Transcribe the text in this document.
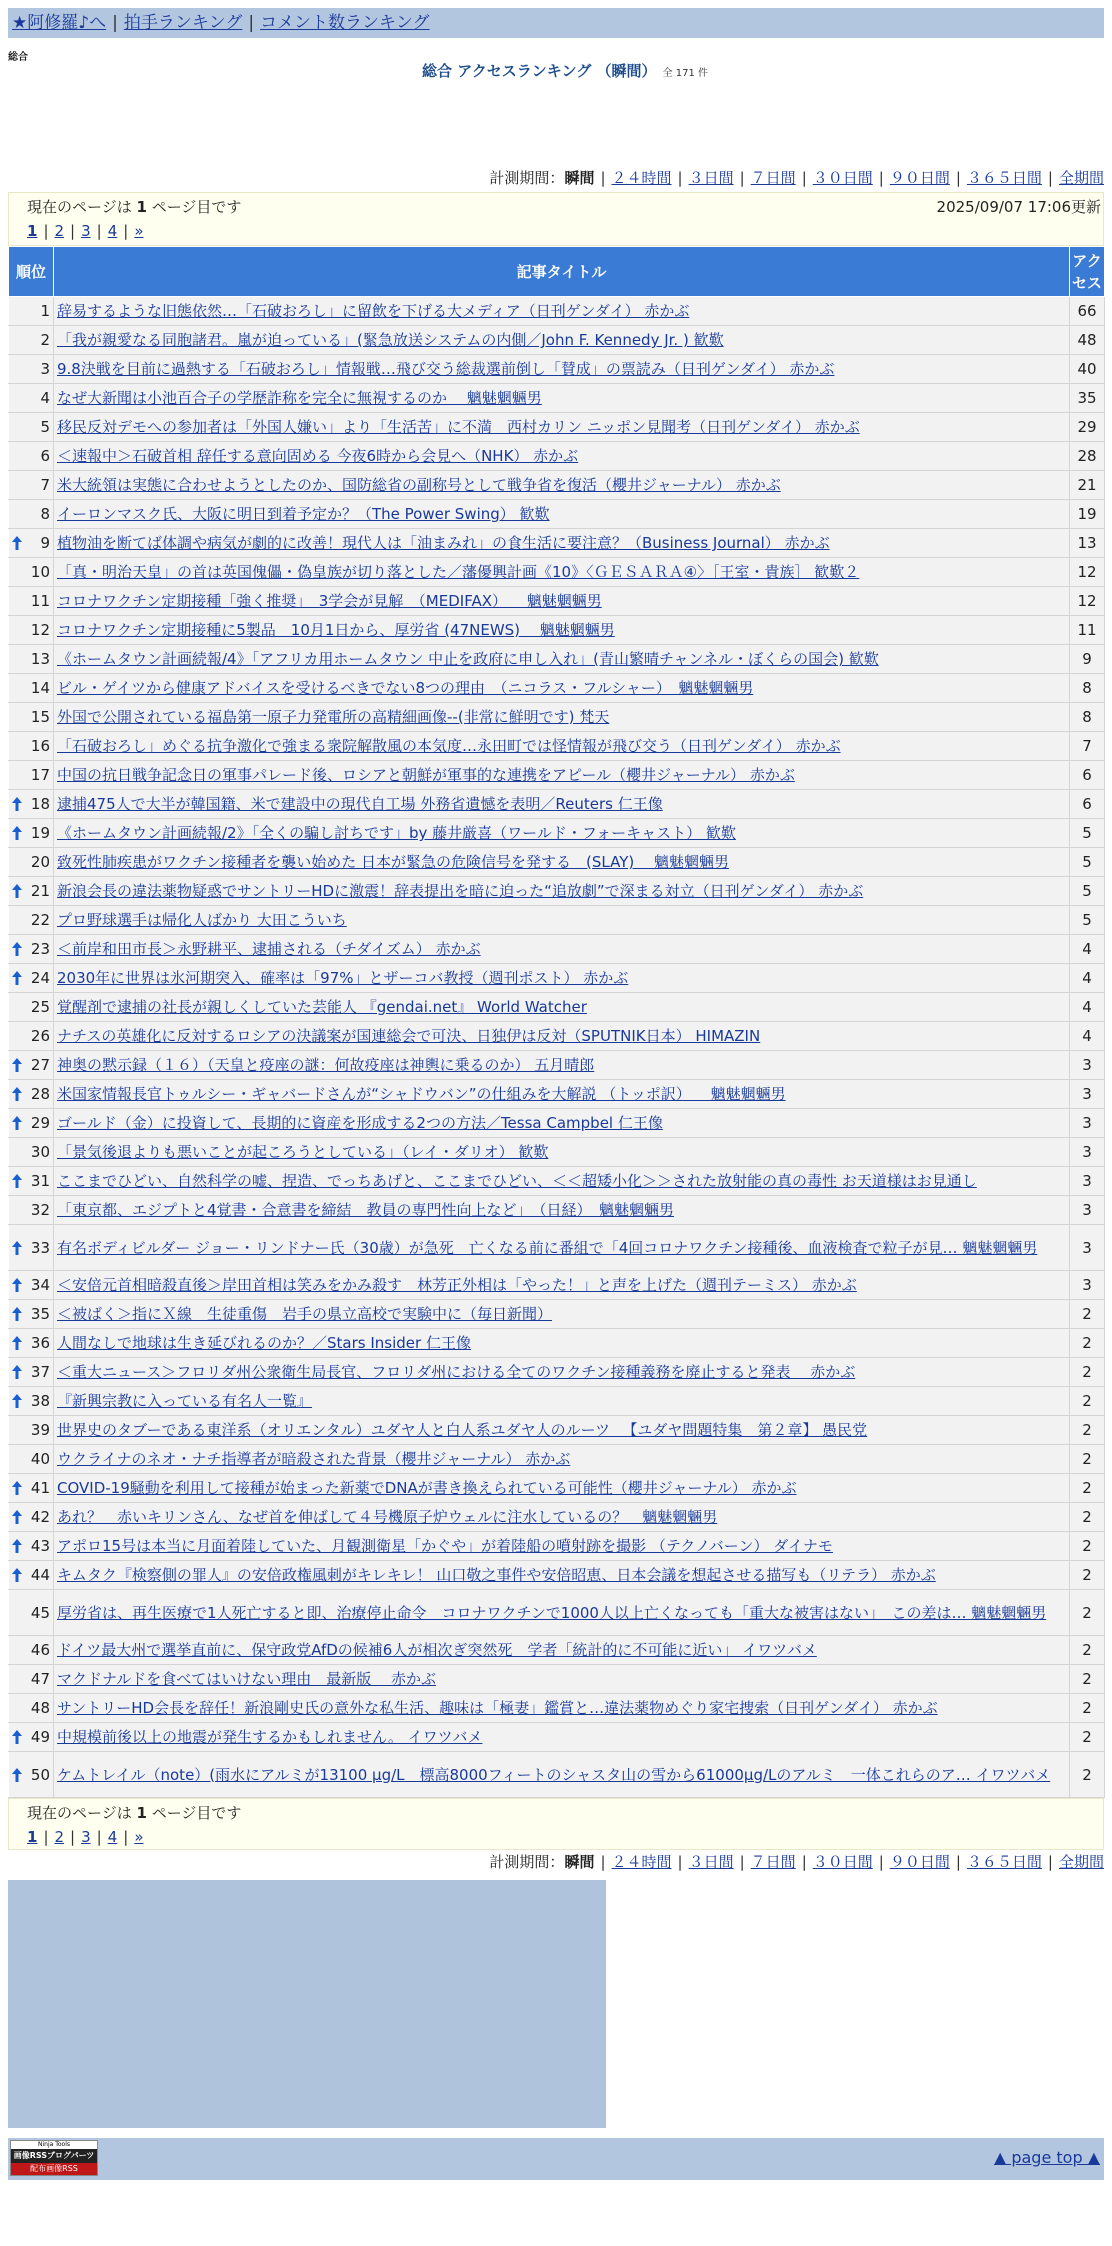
★阿修羅♪へ | 拍手ランキング | コメント数ランキング
総合
総合 アクセスランキング （瞬間） 全 171 件
計測期間：瞬間 | ２４時間 | ３日間 | ７日間 | ３０日間 | ９０日間 | ３６５日間 | 全期間
現在のページは 1 ページ目です	2025/09/07 17:06更新
1 | 2 | 3 | 4 | »
順位	記事タイトル	アクセス
1	辞易するような旧態依然…「石破おろし」に留飲を下げる大メディア（日刊ゲンダイ） 赤かぶ	66
2	「我が親愛なる同胞諸君。嵐が迫っている」(緊急放送システムの内側／John F. Kennedy Jr. ) 歓歎	48
3	9.8決戦を目前に過熱する「石破おろし」情報戦…飛び交う総裁選前倒し「賛成」の票読み（日刊ゲンダイ） 赤かぶ	40
4	なぜ大新聞は小池百合子の学歴詐称を完全に無視するのか 　魑魅魍魎男	35
5	移民反対デモへの参加者は「外国人嫌い」より「生活苦」に不満　西村カリン ニッポン見聞考（日刊ゲンダイ） 赤かぶ	29
6	＜速報中＞石破首相 辞任する意向固める 今夜6時から会見へ（NHK） 赤かぶ	28
7	米大統領は実態に合わせようとしたのか、国防総省の副称号として戦争省を復活（櫻井ジャーナル） 赤かぶ	21
8	イーロンマスク氏、大阪に明日到着予定か？（The Power Swing） 歓歎	19

9	植物油を断てば体調や病気が劇的に改善！現代人は「油まみれ」の食生活に要注意？（Business Journal） 赤かぶ	13
10	「真・明治天皇」の首は英国傀儡・偽皇族が切り落とした／藩優興計画《10》〈ＧＥＳＡＲＡ④〉［王室・貴族］ 歓歎２	12
11	コロナワクチン定期接種「強く推奨」　3学会が見解　（MEDIFAX） 　魑魅魍魎男	12
12	コロナワクチン定期接種に5製品　10月1日から、厚労省 (47NEWS) 　魑魅魍魎男	11
13	《ホームタウン計画続報/4》「アフリカ用ホームタウン 中止を政府に申し入れ」(青山繁晴チャンネル・ぼくらの国会) 歓歎	9
14	ビル・ゲイツから健康アドバイスを受けるべきでない8つの理由　（ニコラス・フルシャー）　魑魅魍魎男	8
15	外国で公開されている福島第一原子力発電所の高精細画像--(非常に鮮明です) 梵天	8
16	「石破おろし」めぐる抗争激化で強まる衆院解散風の本気度…永田町では怪情報が飛び交う（日刊ゲンダイ） 赤かぶ	7
17	中国の抗日戦争記念日の軍事パレード後、ロシアと朝鮮が軍事的な連携をアピール（櫻井ジャーナル） 赤かぶ	6

18	逮捕475人で大半が韓国籍、米で建設中の現代自工場 外務省遺憾を表明／Reuters 仁王像	6

19	《ホームタウン計画続報/2》「全くの騙し討ちです」by 藤井厳喜（ワールド・フォーキャスト） 歓歎	5
20	致死性肺疾患がワクチン接種者を襲い始めた 日本が緊急の危険信号を発する　(SLAY) 　魑魅魍魎男	5

21	新浪会長の違法薬物疑惑でサントリーHDに激震！辞表提出を暗に迫った“追放劇”で深まる対立（日刊ゲンダイ） 赤かぶ	5
22	プロ野球選手は帰化人ばかり 大田こういち	5

23	＜前岸和田市長＞永野耕平、逮捕される（チダイズム） 赤かぶ	4

24	2030年に世界は氷河期突入、確率は「97%」とザーコバ教授（週刊ポスト） 赤かぶ	4
25	覚醒剤で逮捕の社長が親しくしていた芸能人 『gendai.net』 World Watcher	4
26	ナチスの英雄化に反対するロシアの決議案が国連総会で可決、日独伊は反対（SPUTNIK日本） HIMAZIN	4

27	神奥の黙示録（１６）（天皇と疫座の謎：何故疫座は神輿に乗るのか） 五月晴郎	3

28	米国家情報長官トゥルシー・ギャバードさんが“シャドウバン”の仕組みを大解説 （トッポ訳） 　魑魅魍魎男	3

29	ゴールド（金）に投資して、長期的に資産を形成する2つの方法／Tessa Campbel 仁王像	3
30	「景気後退よりも悪いことが起ころうとしている」（レイ・ダリオ） 歓歎	3

31	ここまでひどい、自然科学の嘘、捏造、でっちあげと、ここまでひどい、＜＜超矮小化＞＞された放射能の真の毒性 お天道様はお見通し	3
32	「東京都、エジプトと4覚書・合意書を締結　教員の専門性向上など」　（日経）　魑魅魍魎男	3

33	有名ボディビルダー ジョー・リンドナー氏（30歳）が急死　亡くなる前に番組で「4回コロナワクチン接種後、血液検査で粒子が見… 魑魅魍魎男	3

34	＜安倍元首相暗殺直後＞岸田首相は笑みをかみ殺す　林芳正外相は「やった！」と声を上げた（週刊テーミス） 赤かぶ	3

35	＜被ばく＞指にＸ線　生徒重傷　岩手の県立高校で実験中に（毎日新聞）	2

36	人間なしで地球は生き延びれるのか？／Stars Insider 仁王像	2

37	＜重大ニュース＞フロリダ州公衆衛生局長官、フロリダ州における全てのワクチン接種義務を廃止すると発表 　赤かぶ	2

38	『新興宗教に入っている有名人一覧』	2
39	世界史のタブーである東洋系（オリエンタル）ユダヤ人と白人系ユダヤ人のルーツ 　【ユダヤ問題特集　第２章】 愚民党	2
40	ウクライナのネオ・ナチ指導者が暗殺された背景（櫻井ジャーナル） 赤かぶ	2

41	COVID-19騒動を利用して接種が始まった新薬でDNAが書き換えられている可能性（櫻井ジャーナル） 赤かぶ	2

42	あれ？　赤いキリンさん、なぜ首を伸ばして４号機原子炉ウェルに注水しているの？　魑魅魍魎男	2

43	アポロ15号は本当に月面着陸していた、月観測衛星「かぐや」が着陸船の噴射跡を撮影 （テクノバーン） ダイナモ	2

44	キムタク『検察側の罪人』の安倍政権風刺がキレキレ！ 山口敬之事件や安倍昭恵、日本会議を想起させる描写も（リテラ） 赤かぶ	2
45	厚労省は、再生医療で1人死亡すると即、治療停止命令　コロナワクチンで1000人以上亡くなっても「重大な被害はない」　この差は… 魑魅魍魎男	2
46	ドイツ最大州で選挙直前に、保守政党AfDの候補6人が相次ぎ突然死　学者「統計的に不可能に近い」 イワツバメ	2
47	マクドナルドを食べてはいけない理由　最新版　 赤かぶ	2
48	サントリーHD会長を辞任！新浪剛史氏の意外な私生活、趣味は「極妻」鑑賞と…違法薬物めぐり家宅捜索（日刊ゲンダイ） 赤かぶ	2

49	中規模前後以上の地震が発生するかもしれません。 イワツバメ	2

50	ケムトレイル（note）(雨水にアルミが13100 μg/L　標高8000フィートのシャスタ山の雪から61000μg/Lのアルミ　一体これらのア… イワツバメ	2
現在のページは 1 ページ目です
1 | 2 | 3 | 4 | »
計測期間：瞬間 | ２４時間 | ３日間 | ７日間 | ３０日間 | ９０日間 | ３６５日間 | 全期間
Ninja Tools
画像RSSブログパーツ
配布画像RSS
▲ page top ▲
